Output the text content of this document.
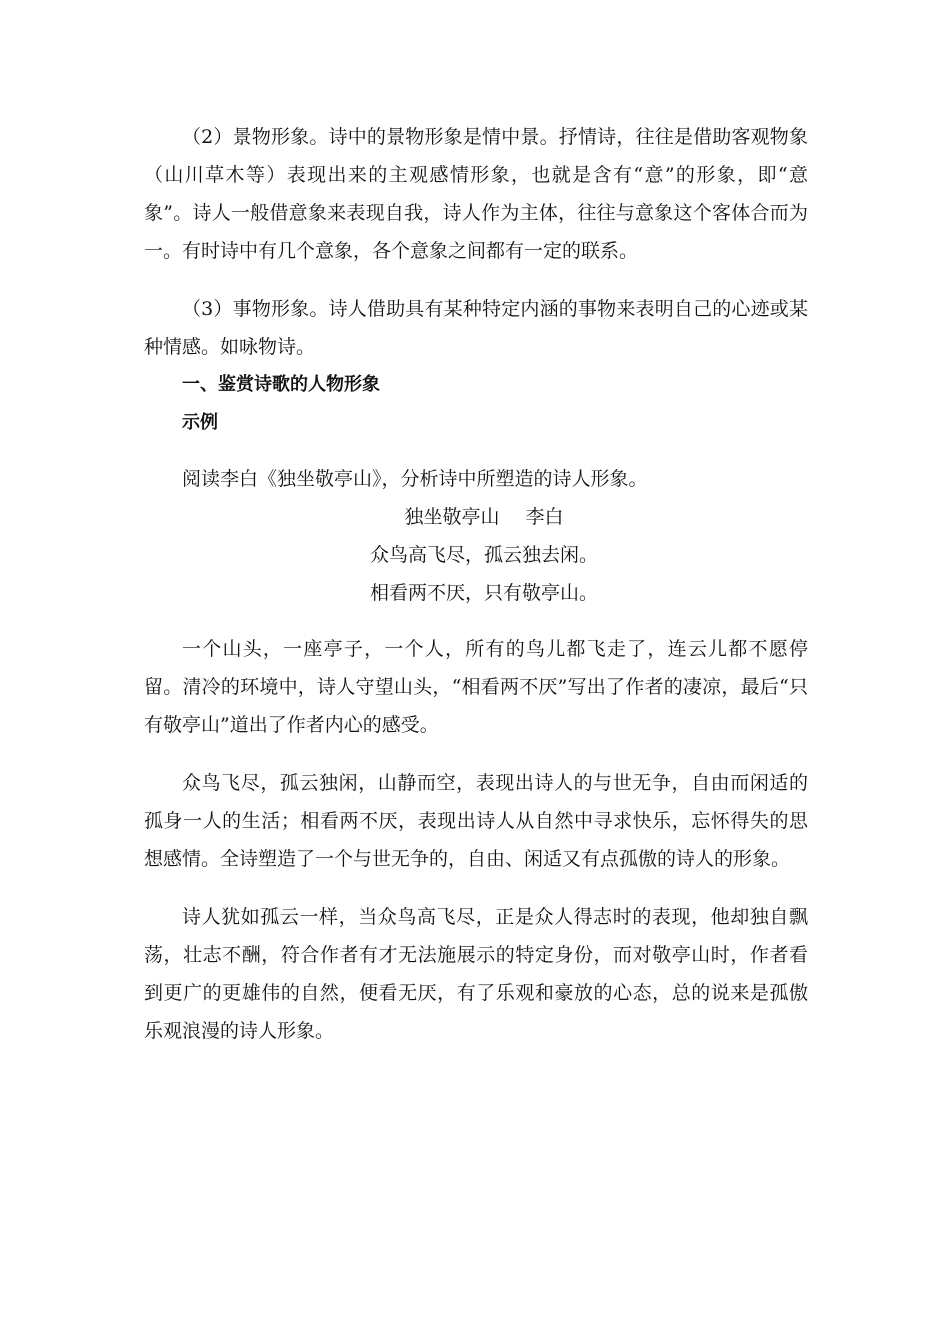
（2）景物形象。诗中的景物形象是情中景。抒情诗，往往是借助客观物象（山川草木等）表现出来的主观感情形象，也就是含有“意”的形象，即“意象”。诗人一般借意象来表现自我，诗人作为主体，往往与意象这个客体合而为一。有时诗中有几个意象，各个意象之间都有一定的联系。

（3）事物形象。诗人借助具有某种特定内涵的事物来表明自己的心迹或某种情感。如咏物诗。

一、鉴赏诗歌的人物形象

示例

阅读李白《独坐敬亭山》，分析诗中所塑造的诗人形象。

独坐敬亭山 李白

众鸟高飞尽，孤云独去闲。

相看两不厌，只有敬亭山。

一个山头，一座亭子，一个人，所有的鸟儿都飞走了，连云儿都不愿停留。清冷的环境中，诗人守望山头，“相看两不厌”写出了作者的凄凉，最后“只有敬亭山”道出了作者内心的感受。

众鸟飞尽，孤云独闲，山静而空，表现出诗人的与世无争，自由而闲适的孤身一人的生活；相看两不厌，表现出诗人从自然中寻求快乐，忘怀得失的思想感情。全诗塑造了一个与世无争的，自由、闲适又有点孤傲的诗人的形象。

诗人犹如孤云一样，当众鸟高飞尽，正是众人得志时的表现，他却独自飘荡，壮志不酬，符合作者有才无法施展示的特定身份，而对敬亭山时，作者看到更广的更雄伟的自然，便看无厌，有了乐观和豪放的心态，总的说来是孤傲乐观浪漫的诗人形象。
